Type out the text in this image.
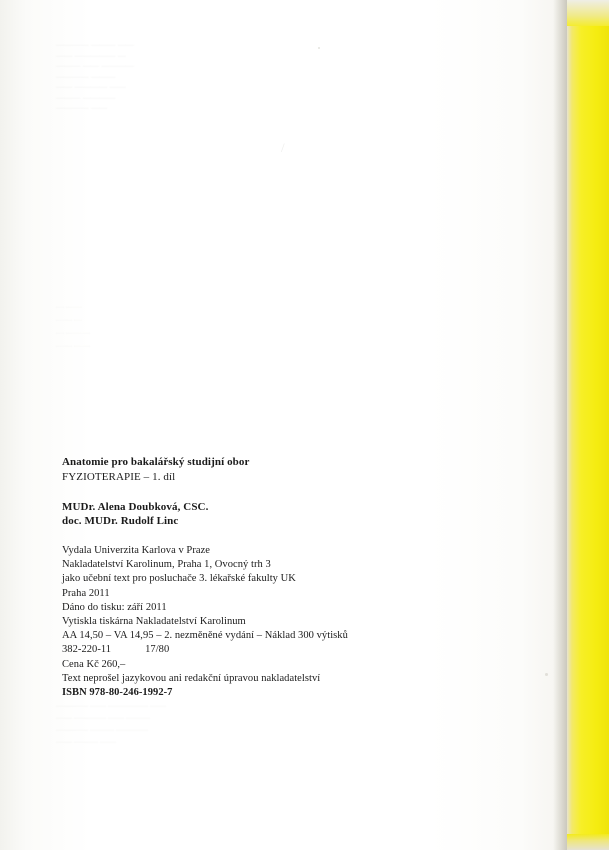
———— ——— ——
—— ————— —
——— —— ————
———— ———
—— ———— ——
——— ————
———— ——
— ——
—— —
— ———
—— ——
———— —— ————— ——
—— ———— —— ———
———— ——— ————
—— ——— ——
/
Anatomie pro bakalářský studijní obor
FYZIOTERAPIE – 1. díl
MUDr. Alena Doubková, CSC.
doc. MUDr. Rudolf Linc
Vydala Univerzita Karlova v Praze
Nakladatelství Karolinum, Praha 1, Ovocný trh 3
jako učební text pro posluchače 3. lékařské fakulty UK
Praha 2011
Dáno do tisku: září 2011
Vytiskla tiskárna Nakladatelství Karolinum
AA 14,50 – VA 14,95 – 2. nezměněné vydání – Náklad 300 výtisků
382-220-11	17/80
Cena Kč 260,–
Text neprošel jazykovou ani redakční úpravou nakladatelství
ISBN 978-80-246-1992-7
